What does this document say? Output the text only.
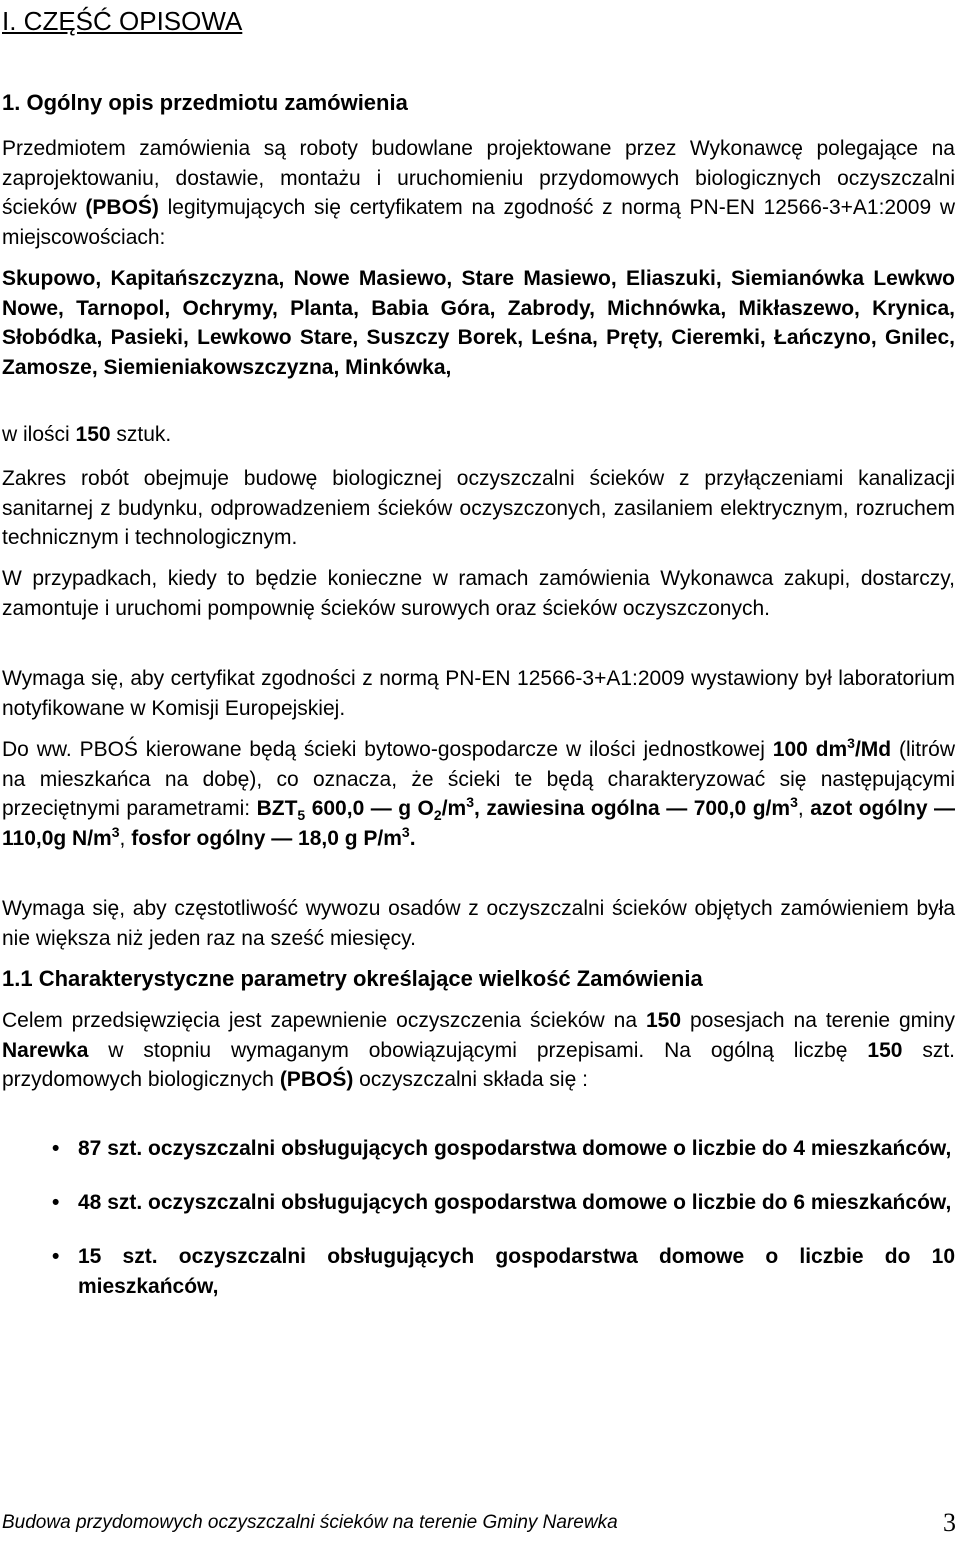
I. CZĘŚĆ OPISOWA
1. Ogólny opis przedmiotu zamówienia
Przedmiotem zamówienia są roboty budowlane projektowane przez Wykonawcę polegające na zaprojektowaniu, dostawie, montażu i uruchomieniu przydomowych biologicznych oczyszczalni ścieków (PBOŚ) legitymujących się certyfikatem na zgodność z normą PN-EN 12566-3+A1:2009 w miejscowościach:
Skupowo, Kapitańszczyzna, Nowe Masiewo, Stare Masiewo, Eliaszuki, Siemianówka Lewkwo Nowe, Tarnopol, Ochrymy, Planta, Babia Góra, Zabrody, Michnówka, Mikłaszewo, Krynica, Słobódka, Pasieki, Lewkowo Stare, Suszczy Borek, Leśna, Pręty, Cieremki, Łańczyno, Gnilec, Zamosze, Siemieniakowszczyzna, Minkówka,
w ilości 150 sztuk.
Zakres robót obejmuje budowę biologicznej oczyszczalni ścieków z przyłączeniami kanalizacji sanitarnej z budynku, odprowadzeniem ścieków oczyszczonych, zasilaniem elektrycznym, rozruchem technicznym i technologicznym.
W przypadkach, kiedy to będzie konieczne w ramach zamówienia Wykonawca zakupi, dostarczy, zamontuje i uruchomi pompownię ścieków surowych oraz ścieków oczyszczonych.
Wymaga się, aby certyfikat zgodności z normą PN-EN 12566-3+A1:2009 wystawiony był laboratorium notyfikowane w Komisji Europejskiej.
Do ww. PBOŚ kierowane będą ścieki bytowo-gospodarcze w ilości jednostkowej 100 $dm^3/Md$ (litrów na mieszkańca na dobę), co oznacza, że ścieki te będą charakteryzować się następującymi przeciętnymi parametrami: $BZT_5$ 600,0 — g $O_2/m^3$, zawiesina ogólna — 700,0 $g/m^3$, azot ogólny — 110,0g $N/m^3$, fosfor ogólny — 18,0 g $P/m^3$.
Wymaga się, aby częstotliwość wywozu osadów z oczyszczalni ścieków objętych zamówieniem była nie większa niż jeden raz na sześć miesięcy.
1.1 Charakterystyczne parametry określające wielkość Zamówienia
Celem przedsięwzięcia jest zapewnienie oczyszczenia ścieków na 150 posesjach na terenie gminy Narewka w stopniu wymaganym obowiązującymi przepisami. Na ogólną liczbę 150 szt. przydomowych biologicznych (PBOŚ) oczyszczalni składa się :
• 87 szt. oczyszczalni obsługujących gospodarstwa domowe o liczbie do 4 mieszkańców,
• 48 szt. oczyszczalni obsługujących gospodarstwa domowe o liczbie do 6 mieszkańców,
• 15 szt. oczyszczalni obsługujących gospodarstwa domowe o liczbie do 10 mieszkańców,
Budowa przydomowych oczyszczalni ścieków na terenie Gminy Narewka	3
